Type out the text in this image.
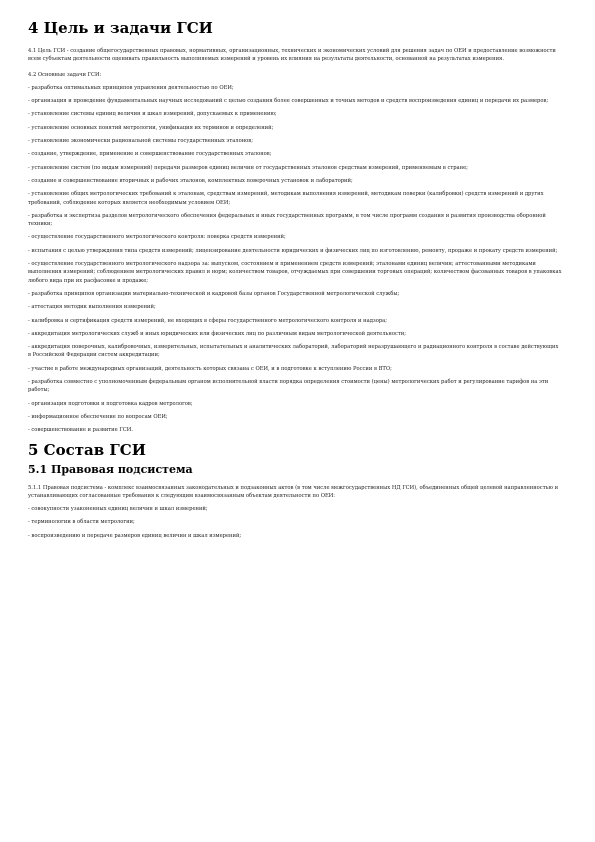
4 Цель и задачи ГСИ

4.1 Цель ГСИ - создание общегосударственных правовых, нормативных, организационных, технических и экономических условий для решения задач по ОЕИ и предоставление возможности всем субъектам деятельности оценивать правильность выполняемых измерений и уровень их влияния на результаты деятельности, основанной на результатах измерения.

4.2 Основные задачи ГСИ:

- разработка оптимальных принципов управления деятельностью по ОЕИ;

- организация и проведение фундаментальных научных исследований с целью создания более совершенных и точных методов и средств воспроизведения единиц и передачи их размеров;

- установление системы единиц величин и шкал измерений, допускаемых к применению;

- установление основных понятий метрологии, унификация их терминов и определений;

- установление экономически рациональной системы государственных эталонов;

- создание, утверждение, применение и совершенствование государственных эталонов;

- установление систем (по видам измерений) передачи размеров единиц величин от государственных эталонов средствам измерений, применяемым в стране;

- создание и совершенствование вторичных и рабочих эталонов, комплектных поверочных установок и лабораторий;

- установление общих метрологических требований к эталонам, средствам измерений, методикам выполнения измерений, методикам поверки (калибровки) средств измерений и других требований, соблюдение которых является необходимым условием ОЕИ;

- разработка и экспертиза разделов метрологического обеспечения федеральных и иных государственных программ, в том числе программ создания и развития производства оборонной техники;

- осуществление государственного метрологического контроля: поверка средств измерений;

- испытания с целью утверждения типа средств измерений; лицензирование деятельности юридических и физических лиц по изготовлению, ремонту, продаже и прокату средств измерений;

- осуществление государственного метрологического надзора за: выпуском, состоянием и применением средств измерений; эталонами единиц величин; аттестованными методиками выполнения измерений; соблюдением метрологических правил и норм; количеством товаров, отчуждаемых при совершении торговых операций; количеством фасованных товаров в упаковках любого вида при их расфасовке и продаже;

- разработка принципов организации материально-технической и кадровой базы органов Государственной метрологической службы;

- аттестация методик выполнения измерений;

- калибровка и сертификация средств измерений, не входящих в сферы государственного метрологического контроля и надзора;

- аккредитация метрологических служб и иных юридических или физических лиц по различным видам метрологической деятельности;

- аккредитация поверочных, калибровочных, измерительных, испытательных и аналитических лабораторий, лабораторий неразрушающего и радиационного контроля в составе действующих в Российской Федерации систем аккредитации;

- участие в работе международных организаций, деятельность которых связана с ОЕИ, и в подготовке к вступлению России в ВТО;

- разработка совместно с уполномоченным федеральным органом исполнительной власти порядка определения стоимости (цены) метрологических работ и регулирование тарифов на эти работы;

- организация подготовки и подготовка кадров метрологов;

- информационное обеспечение по вопросам ОЕИ;

- совершенствование и развитие ГСИ.

5 Состав ГСИ
5.1 Правовая подсистема

5.1.1 Правовая подсистема - комплекс взаимосвязанных законодательных и подзаконных актов (в том числе межгосударственных НД ГСИ), объединенных общей целевой направленностью и устанавливающих согласованные требования к следующим взаимосвязанным объектам деятельности по ОЕИ:

- совокупности узаконенных единиц величин и шкал измерений;

- терминологии в области метрологии;

- воспроизведению и передаче размеров единиц величин и шкал измерений;
